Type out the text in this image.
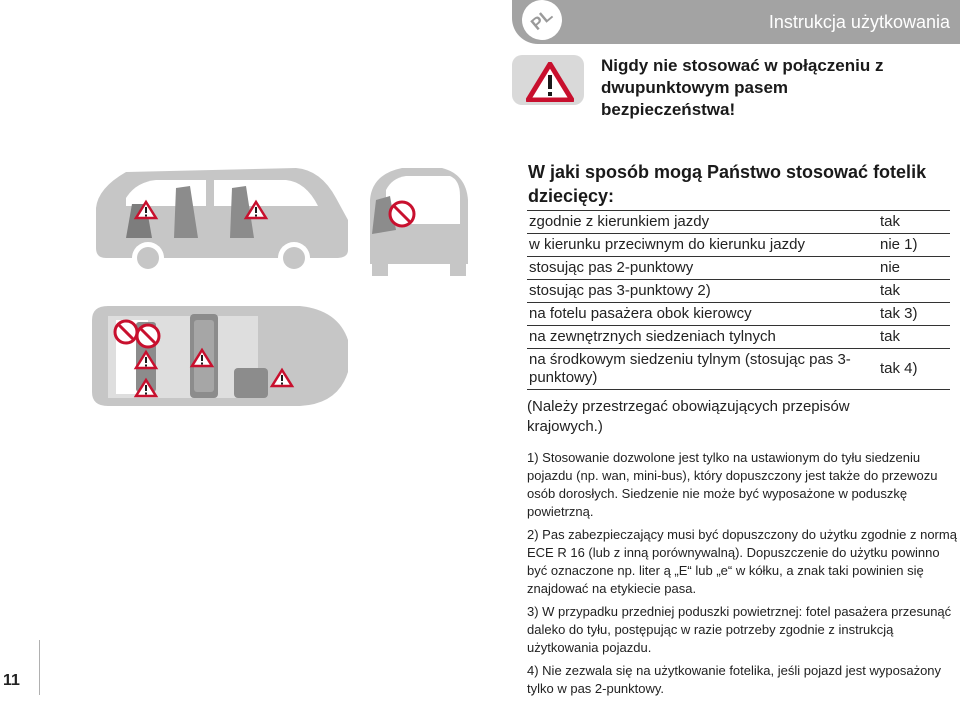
PL	Instrukcja użytkowania
Nigdy nie stosować w połączeniu z dwupunktowym pasem bezpieczeństwa!
W jaki sposób mogą Państwo stosować fotelik dziecięcy:
zgodnie z kierunkiem jazdy	tak
w kierunku przeciwnym do kierunku jazdy	nie 1)
stosując pas 2-punktowy	nie
stosując pas 3-punktowy 2)	tak
na fotelu pasażera obok kierowcy	tak 3)
na zewnętrznych siedzeniach tylnych	tak
na środkowym siedzeniu tylnym (stosując pas 3-punktowy)	tak 4)
(Należy przestrzegać obowiązujących przepisów krajowych.)

1) Stosowanie dozwolone jest tylko na ustawionym do tyłu siedzeniu pojazdu (np. wan, mini-bus), który dopuszczony jest także do przewozu osób dorosłych. Siedzenie nie może być wyposażone w poduszkę powietrzną.

2) Pas zabezpieczający musi być dopuszczony do użytku zgodnie z normą ECE R 16 (lub z inną porównywalną). Dopuszczenie do użytku powinno być oznaczone np. liter ą „E“ lub „e“ w kółku, a znak taki powinien się znajdować na etykiecie pasa.

3) W przypadku przedniej poduszki powietrznej: fotel pasażera przesunąć daleko do tyłu, postępując w razie potrzeby zgodnie z instrukcją użytkowania pojazdu.

4) Nie zezwala się na użytkowanie fotelika, jeśli pojazd jest wyposażony tylko w pas 2-punktowy.

11
